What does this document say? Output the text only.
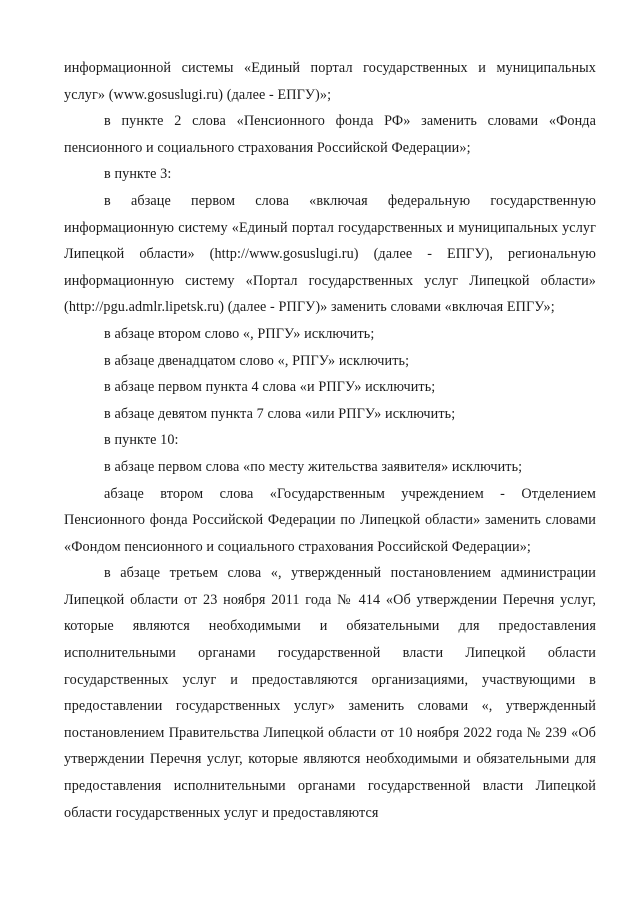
информационной системы «Единый портал государственных и муниципальных услуг» (www.gosuslugi.ru) (далее - ЕПГУ)»;

в пункте 2 слова «Пенсионного фонда РФ» заменить словами «Фонда пенсионного и социального страхования Российской Федерации»;

в пункте 3:

в абзаце первом слова «включая федеральную государственную информационную систему «Единый портал государственных и муниципальных услуг Липецкой области» (http://www.gosuslugi.ru) (далее - ЕПГУ), региональную информационную систему «Портал государственных услуг Липецкой области» (http://pgu.admlr.lipetsk.ru) (далее - РПГУ)» заменить словами «включая ЕПГУ»;

в абзаце втором слово «, РПГУ» исключить;

в абзаце двенадцатом слово «, РПГУ» исключить;

в абзаце первом пункта 4 слова «и РПГУ» исключить;

в абзаце девятом пункта 7 слова «или РПГУ» исключить;

в пункте 10:

в абзаце первом слова «по месту жительства заявителя» исключить;

абзаце втором слова «Государственным учреждением - Отделением Пенсионного фонда Российской Федерации по Липецкой области» заменить словами «Фондом пенсионного и социального страхования Российской Федерации»;

в абзаце третьем слова «, утвержденный постановлением администрации Липецкой области от 23 ноября 2011 года № 414 «Об утверждении Перечня услуг, которые являются необходимыми и обязательными для предоставления исполнительными органами государственной власти Липецкой области государственных услуг и предоставляются организациями, участвующими в предоставлении государственных услуг» заменить словами «, утвержденный постановлением Правительства Липецкой области от 10 ноября 2022 года № 239 «Об утверждении Перечня услуг, которые являются необходимыми и обязательными для предоставления исполнительными органами государственной власти Липецкой области государственных услуг и предоставляются
